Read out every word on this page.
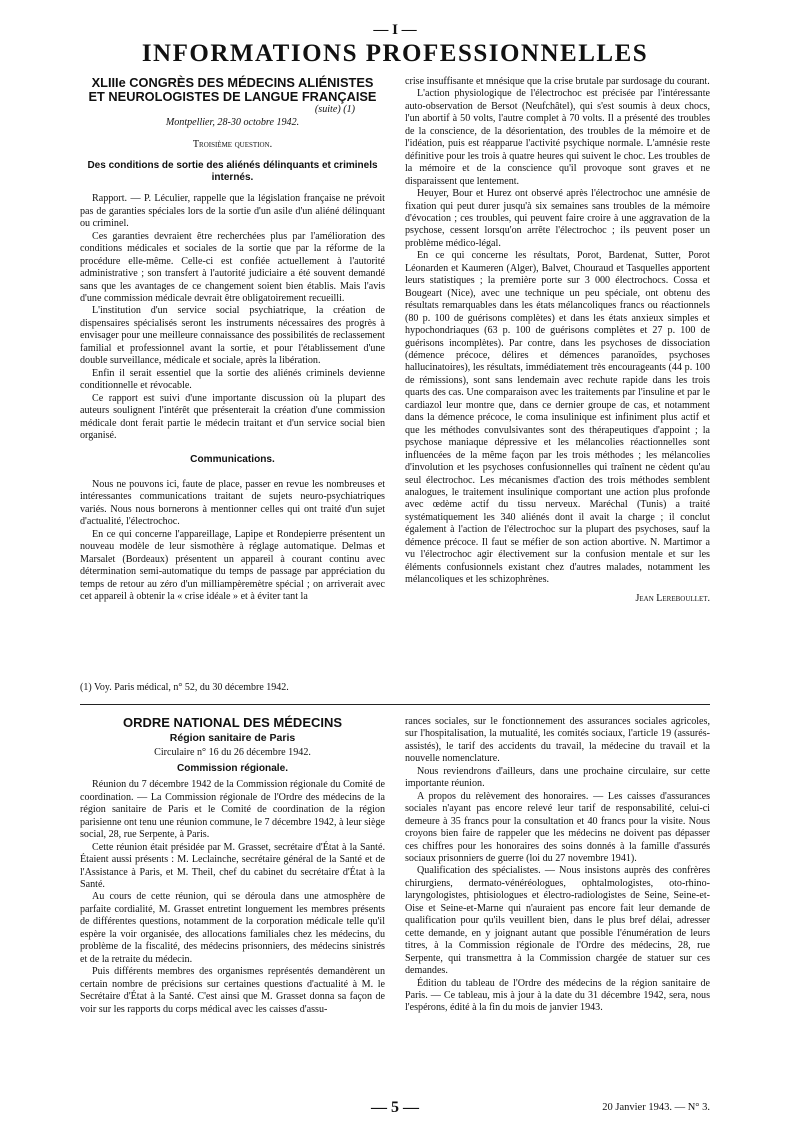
— I —
INFORMATIONS PROFESSIONNELLES
XLIIIe CONGRÈS DES MÉDECINS ALIÉNISTES
ET NEUROLOGISTES DE LANGUE FRANÇAISE
(suite) (1)
Montpellier, 28-30 octobre 1942.
Troisième question.
Des conditions de sortie des aliénés délinquants et criminels internés.

Rapport. — P. Léculier, rappelle que la législation française ne prévoit pas de garanties spéciales lors de la sortie d'un asile d'un aliéné délinquant ou criminel.

Ces garanties devraient être recherchées plus par l'amélioration des conditions médicales et sociales de la sortie que par la réforme de la procédure elle-même. Celle-ci est confiée actuellement à l'autorité administrative ; son transfert à l'autorité judiciaire a été souvent demandé sans que les avantages de ce changement soient bien établis. Mais l'avis d'une commission médicale devrait être obligatoirement recueilli.

L'institution d'un service social psychiatrique, la création de dispensaires spécialisés seront les instruments nécessaires des progrès à envisager pour une meilleure connaissance des possibilités de reclassement familial et professionnel avant la sortie, et pour l'établissement d'une double surveillance, médicale et sociale, après la libération.

Enfin il serait essentiel que la sortie des aliénés criminels devienne conditionnelle et révocable.

Ce rapport est suivi d'une importante discussion où la plupart des auteurs soulignent l'intérêt que présenterait la création d'une commission médicale dont ferait partie le médecin traitant et d'un service social bien organisé.

Communications.

Nous ne pouvons ici, faute de place, passer en revue les nombreuses et intéressantes communications traitant de sujets neuro-psychiatriques variés. Nous nous bornerons à mentionner celles qui ont traité d'un sujet d'actualité, l'électrochoc.

En ce qui concerne l'appareillage, Lapipe et Rondepierre présentent un nouveau modèle de leur sismothère à réglage automatique. Delmas et Marsalet (Bordeaux) présentent un appareil à courant continu avec détermination semi-automatique du temps de passage par appréciation du temps de retour au zéro d'un milliampèremètre spécial ; on arriverait avec cet appareil à obtenir la « crise idéale » et à éviter tant la

(1) Voy. Paris médical, n° 52, du 30 décembre 1942.

crise insuffisante et mnésique que la crise brutale par surdosage du courant.

L'action physiologique de l'électrochoc est précisée par l'intéressante auto-observation de Bersot (Neufchâtel), qui s'est soumis à deux chocs, l'un abortif à 50 volts, l'autre complet à 70 volts. Il a présenté des troubles de la conscience, de la désorientation, des troubles de la mémoire et de l'idéation, puis est réapparue l'activité psychique normale. L'amnésie reste définitive pour les trois à quatre heures qui suivent le choc. Les troubles de la mémoire et de la conscience qu'il provoque sont graves et ne disparaissent que lentement.

Heuyer, Bour et Hurez ont observé après l'électrochoc une amnésie de fixation qui peut durer jusqu'à six semaines sans troubles de la mémoire d'évocation ; ces troubles, qui peuvent faire croire à une aggravation de la psychose, cessent lorsqu'on arrête l'électrochoc ; ils peuvent poser un problème médico-légal.

En ce qui concerne les résultats, Porot, Bardenat, Sutter, Porot Léonarden et Kaumeren (Alger), Balvet, Chouraud et Tasquelles apportent leurs statistiques ; la première porte sur 3 000 électrochocs. Cossa et Bougeart (Nice), avec une technique un peu spéciale, ont obtenu des résultats remarquables dans les états mélancoliques francs ou réactionnels (80 p. 100 de guérisons complètes) et dans les états anxieux simples et hypochondriaques (63 p. 100 de guérisons complètes et 27 p. 100 de guérisons incomplètes). Par contre, dans les psychoses de dissociation (démence précoce, délires et démences paranoïdes, psychoses hallucinatoires), les résultats, immédiatement très encourageants (44 p. 100 de rémissions), sont sans lendemain avec rechute rapide dans les trois quarts des cas. Une comparaison avec les traitements par l'insuline et par le cardiazol leur montre que, dans ce dernier groupe de cas, et notamment dans la démence précoce, le coma insulinique est infiniment plus actif et que les méthodes convulsivantes sont des thérapeutiques d'appoint ; la psychose maniaque dépressive et les mélancolies réactionnelles sont influencées de la même façon par les trois méthodes ; les mélancolies d'involution et les psychoses confusionnelles qui traînent ne cèdent qu'au seul électrochoc. Les mécanismes d'action des trois méthodes semblent analogues, le traitement insulinique comportant une action plus profonde avec œdème actif du tissu nerveux. Maréchal (Tunis) a traité systématiquement les 340 aliénés dont il avait la charge ; il conclut également à l'action de l'électrochoc sur la plupart des psychoses, sauf la démence précoce. Il faut se méfier de son action abortive. N. Martimor a vu l'électrochoc agir électivement sur la confusion mentale et sur les éléments confusionnels existant chez d'autres malades, notamment les mélancoliques et les schizophrènes.

Jean Lereboullet.
ORDRE NATIONAL DES MÉDECINS
Région sanitaire de Paris
Circulaire n° 16 du 26 décembre 1942.
Commission régionale.

Réunion du 7 décembre 1942 de la Commission régionale du Comité de coordination. — La Commission régionale de l'Ordre des médecins de la région sanitaire de Paris et le Comité de coordination de la région parisienne ont tenu une réunion commune, le 7 décembre 1942, à leur siège social, 28, rue Serpente, à Paris.

Cette réunion était présidée par M. Grasset, secrétaire d'État à la Santé. Étaient aussi présents : M. Leclainche, secrétaire général de la Santé et de l'Assistance à Paris, et M. Theil, chef du cabinet du secrétaire d'État à la Santé.

Au cours de cette réunion, qui se déroula dans une atmosphère de parfaite cordialité, M. Grasset entretint longuement les membres présents de différentes questions, notamment de la corporation médicale telle qu'il espère la voir organisée, des allocations familiales chez les médecins, du problème de la fiscalité, des médecins prisonniers, des médecins sinistrés et de la retraite du médecin.

Puis différents membres des organismes représentés demandèrent un certain nombre de précisions sur certaines questions d'actualité à M. le Secrétaire d'État à la Santé. C'est ainsi que M. Grasset donna sa façon de voir sur les rapports du corps médical avec les caisses d'assu-

rances sociales, sur le fonctionnement des assurances sociales agricoles, sur l'hospitalisation, la mutualité, les comités sociaux, l'article 19 (assurés-assistés), le tarif des accidents du travail, la médecine du travail et la nouvelle nomenclature.

Nous reviendrons d'ailleurs, dans une prochaine circulaire, sur cette importante réunion.

A propos du relèvement des honoraires. — Les caisses d'assurances sociales n'ayant pas encore relevé leur tarif de responsabilité, celui-ci demeure à 35 francs pour la consultation et 40 francs pour la visite. Nous croyons bien faire de rappeler que les médecins ne doivent pas dépasser ces chiffres pour les honoraires des soins donnés à la famille d'assurés sociaux prisonniers de guerre (loi du 27 novembre 1941).

Qualification des spécialistes. — Nous insistons auprès des confrères chirurgiens, dermato-vénéréologues, ophtalmologistes, oto-rhino-laryngologistes, phtisiologues et électro-radiologistes de Seine, Seine-et-Oise et Seine-et-Marne qui n'auraient pas encore fait leur demande de qualification pour qu'ils veuillent bien, dans le plus bref délai, adresser cette demande, en y joignant autant que possible l'énumération de leurs titres, à la Commission régionale de l'Ordre des médecins, 28, rue Serpente, qui transmettra à la Commission chargée de statuer sur ces demandes.

Édition du tableau de l'Ordre des médecins de la région sanitaire de Paris. — Ce tableau, mis à jour à la date du 31 décembre 1942, sera, nous l'espérons, édité à la fin du mois de janvier 1943.

— 5 —	20 Janvier 1943. — N° 3.
